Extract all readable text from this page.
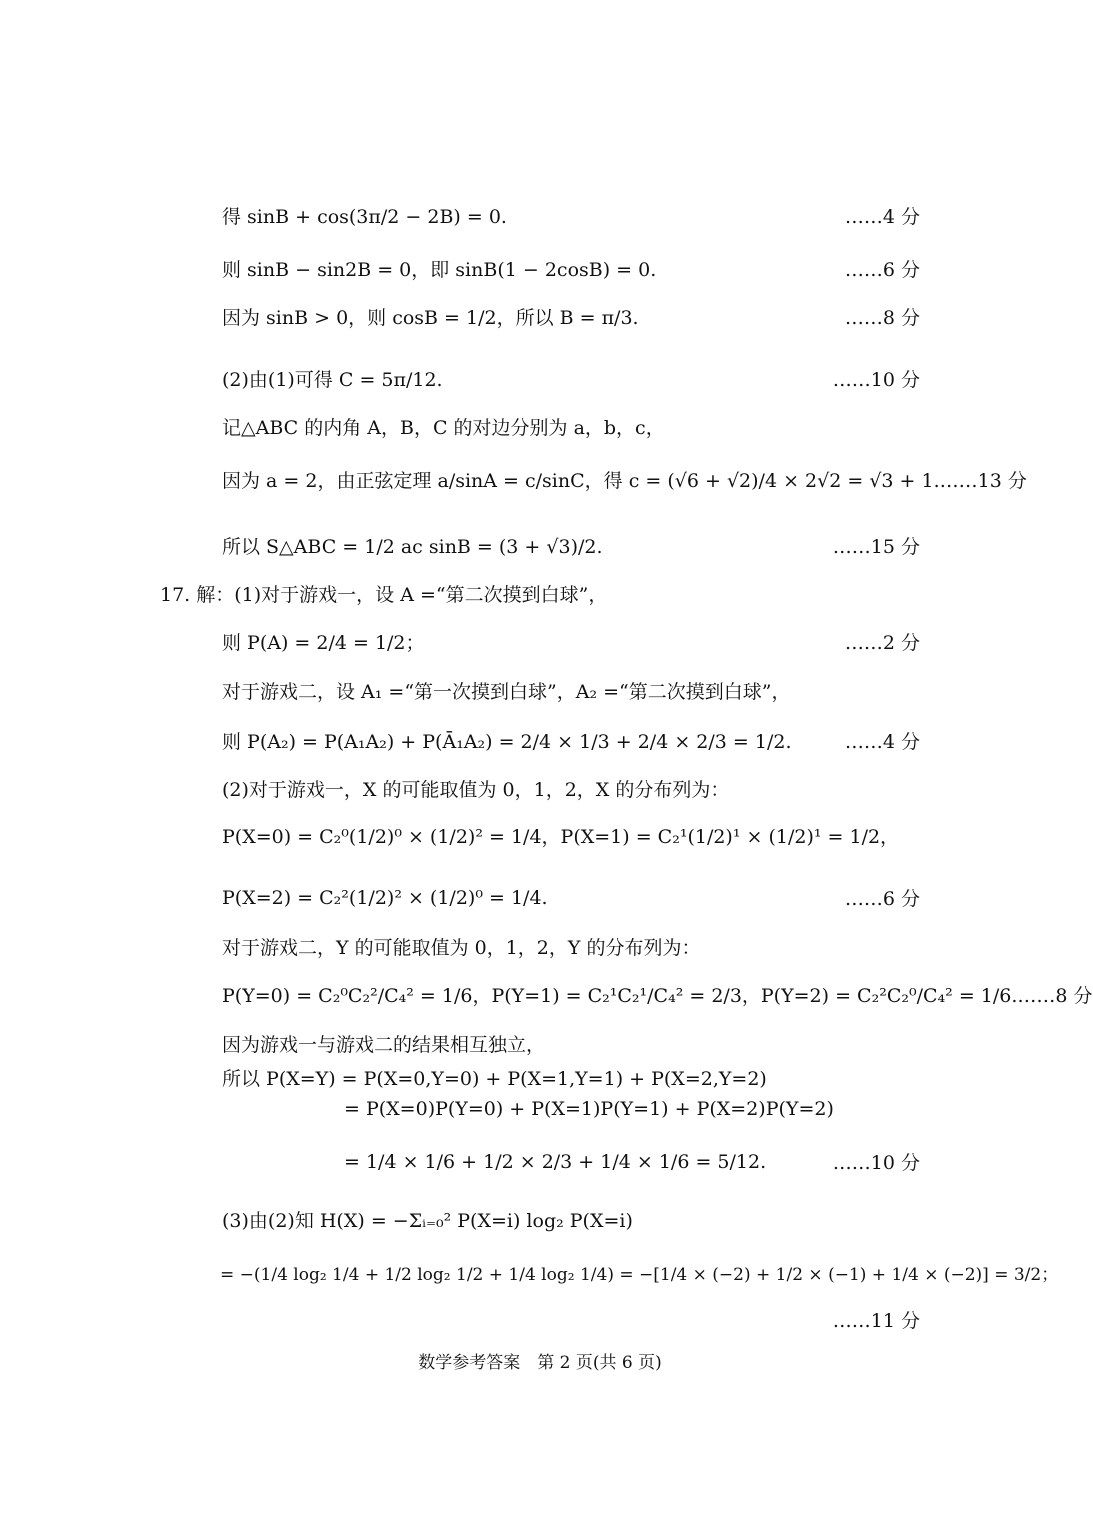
得 sinB + cos(3π/2 − 2B) = 0.	……4 分
则 sinB − sin2B = 0，即 sinB(1 − 2cosB) = 0.	……6 分
因为 sinB > 0，则 cosB = 1/2，所以 B = π/3.	……8 分
(2)由(1)可得 C = 5π/12.	……10 分
记△ABC 的内角 A，B，C 的对边分别为 a，b，c，
因为 a = 2，由正弦定理 a/sinA = c/sinC，得 c = (√6 + √2)/4 × 2√2 = √3 + 1. ……13 分
所以 S△ABC = 1/2 ac sinB = (3 + √3)/2.	……15 分
17. 解：(1)对于游戏一，设 A =“第二次摸到白球”，
则 P(A) = 2/4 = 1/2；	……2 分
对于游戏二，设 A₁ =“第一次摸到白球”，A₂ =“第二次摸到白球”，
则 P(A₂) = P(A₁A₂) + P(Ā₁A₂) = 2/4 × 1/3 + 2/4 × 2/3 = 1/2.	……4 分
(2)对于游戏一，X 的可能取值为 0，1，2，X 的分布列为：
P(X=0) = C₂⁰(1/2)⁰ × (1/2)² = 1/4，P(X=1) = C₂¹(1/2)¹ × (1/2)¹ = 1/2，
P(X=2) = C₂²(1/2)² × (1/2)⁰ = 1/4.	……6 分
对于游戏二，Y 的可能取值为 0，1，2，Y 的分布列为：
P(Y=0) = C₂⁰C₂²/C₄² = 1/6，P(Y=1) = C₂¹C₂¹/C₄² = 2/3，P(Y=2) = C₂²C₂⁰/C₄² = 1/6. ……8 分
因为游戏一与游戏二的结果相互独立，
所以 P(X=Y) = P(X=0,Y=0) + P(X=1,Y=1) + P(X=2,Y=2)
= P(X=0)P(Y=0) + P(X=1)P(Y=1) + P(X=2)P(Y=2)
= 1/4 × 1/6 + 1/2 × 2/3 + 1/4 × 1/6 = 5/12.	……10 分
(3)由(2)知 H(X) = −Σᵢ₌₀² P(X=i) log₂ P(X=i)
= −(1/4 log₂ 1/4 + 1/2 log₂ 1/2 + 1/4 log₂ 1/4) = −[1/4 × (−2) + 1/2 × (−1) + 1/4 × (−2)] = 3/2；
……11 分
数学参考答案　第 2 页(共 6 页)
